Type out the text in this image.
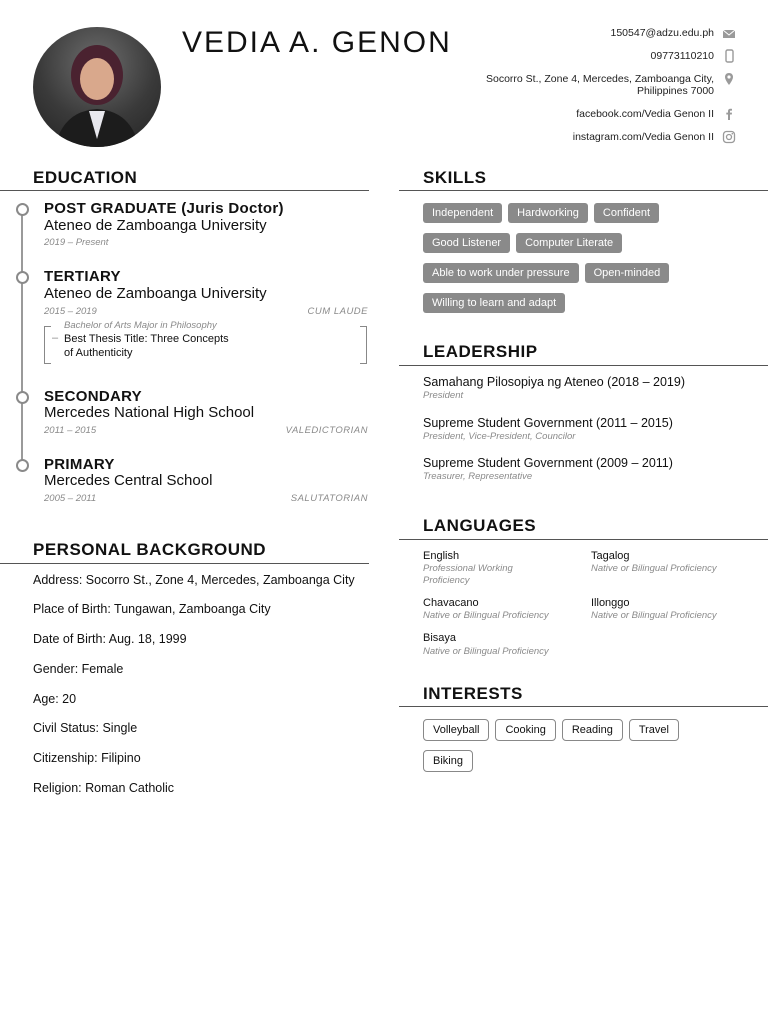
VEDIA A. GENON	150547@adzu.edu.ph
09773110210
Socorro St., Zone 4, Mercedes, Zamboanga City,
Philippines 7000
facebook.com/Vedia Genon II
instagram.com/Vedia Genon II
EDUCATION
POST GRADUATE (Juris Doctor)
Ateneo de Zamboanga University
2019 – Present
TERTIARY
Ateneo de Zamboanga University
2015 – 2019	CUM LAUDE
Bachelor of Arts Major in Philosophy
– Best Thesis Title: Three Concepts of Authenticity
SECONDARY
Mercedes National High School
2011 – 2015	VALEDICTORIAN
PRIMARY
Mercedes Central School
2005 – 2011	SALUTATORIAN
PERSONAL BACKGROUND
Address: Socorro St., Zone 4, Mercedes, Zamboanga City
Place of Birth: Tungawan, Zamboanga City
Date of Birth: Aug. 18, 1999
Gender: Female
Age: 20
Civil Status: Single
Citizenship: Filipino
Religion: Roman Catholic
SKILLS
Independent Hardworking Confident
Good Listener Computer Literate
Able to work under pressure Open-minded
Willing to learn and adapt
LEADERSHIP
Samahang Pilosopiya ng Ateneo (2018 – 2019)
President
Supreme Student Government (2011 – 2015)
President, Vice-President, Councilor
Supreme Student Government (2009 – 2011)
Treasurer, Representative
LANGUAGES
English
Professional Working Proficiency
Tagalog
Native or Bilingual Proficiency
Chavacano
Native or Bilingual Proficiency
Illonggo
Native or Bilingual Proficiency
Bisaya
Native or Bilingual Proficiency
INTERESTS
Volleyball Cooking Reading Travel
Biking
